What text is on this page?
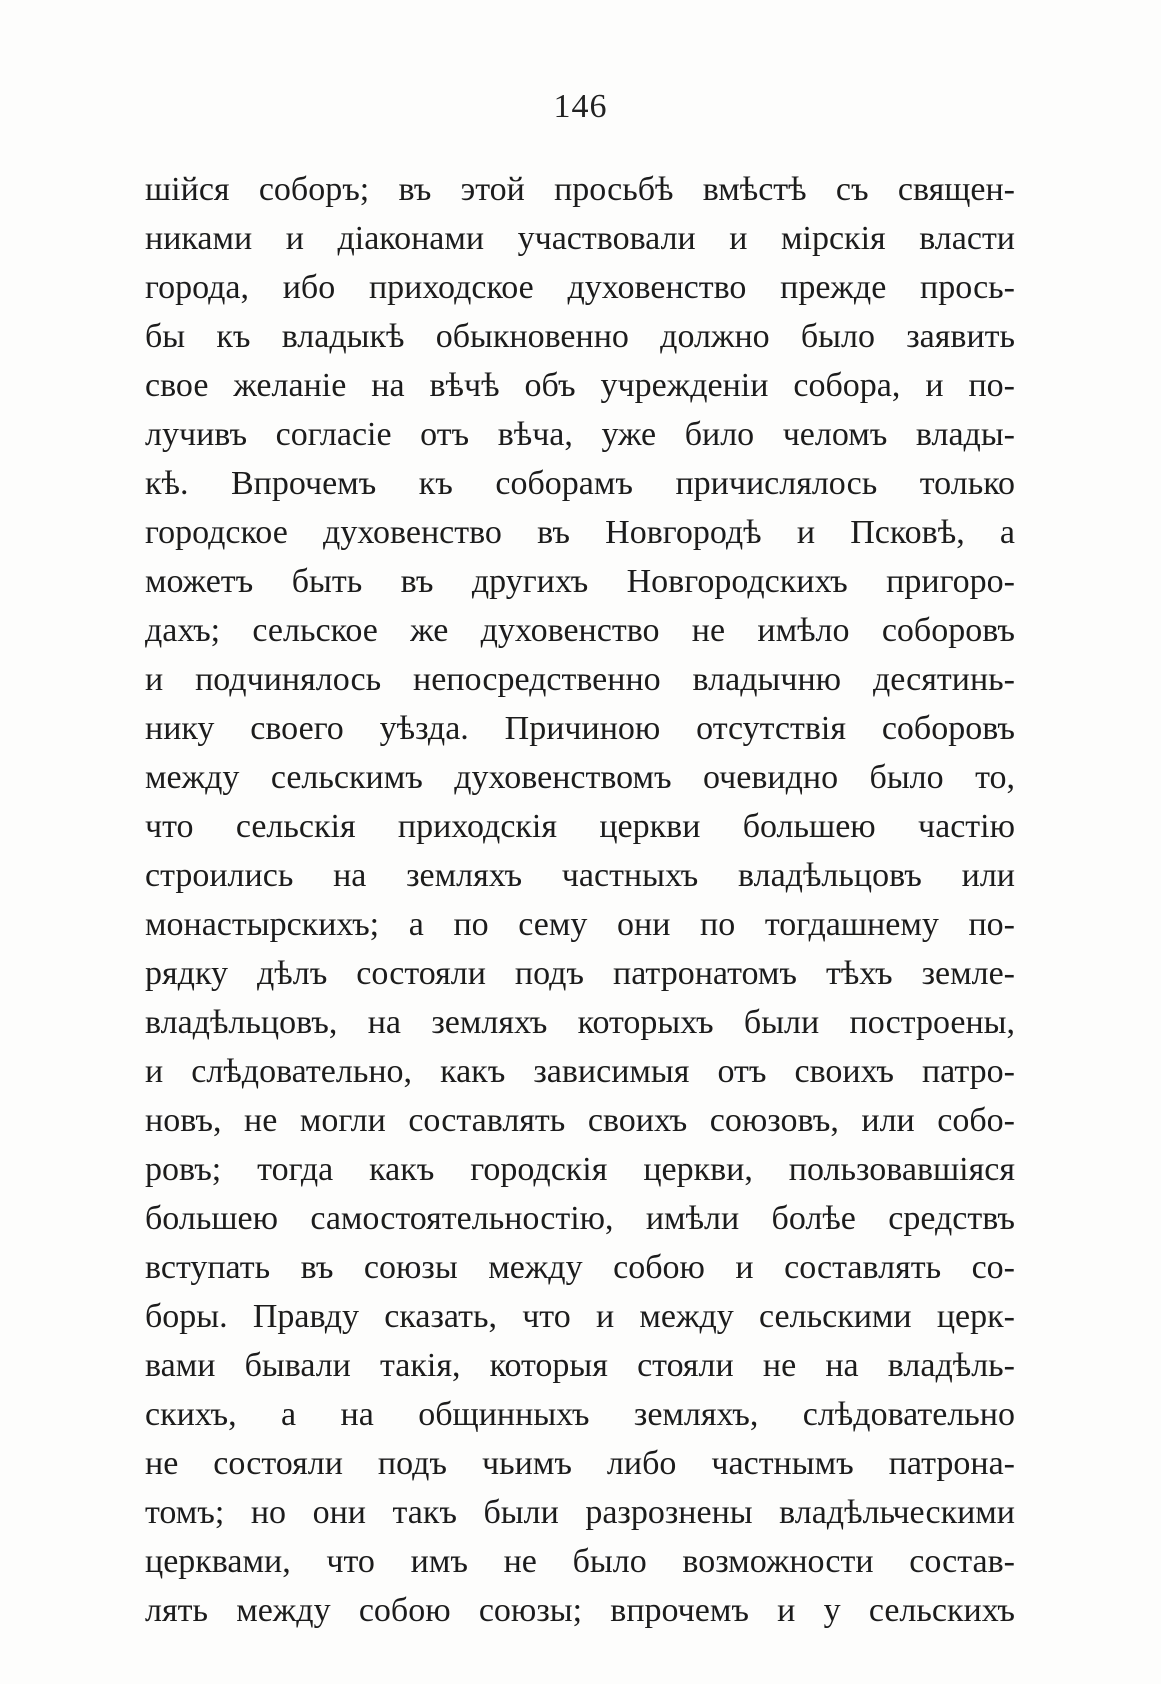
146
шійся соборъ; въ этой просьбѣ вмѣстѣ съ священ-
никами и діаконами участвовали и мірскія власти
города, ибо приходское духовенство прежде прось-
бы къ владыкѣ обыкновенно должно было заявить
свое желаніе на вѣчѣ объ учрежденіи собора, и по-
лучивъ согласіе отъ вѣча, уже било челомъ влады-
кѣ. Впрочемъ къ соборамъ причислялось только
городское духовенство въ Новгородѣ и Псковѣ, а
можетъ быть въ другихъ Новгородскихъ пригоро-
дахъ; сельское же духовенство не имѣло соборовъ
и подчинялось непосредственно владычню десятинь-
нику своего уѣзда. Причиною отсутствія соборовъ
между сельскимъ духовенствомъ очевидно было то,
что сельскія приходскія церкви большею частію
строились на земляхъ частныхъ владѣльцовъ или
монастырскихъ; а по сему они по тогдашнему по-
рядку дѣлъ состояли подъ патронатомъ тѣхъ земле-
владѣльцовъ, на земляхъ которыхъ были построены,
и слѣдовательно, какъ зависимыя отъ своихъ патро-
новъ, не могли составлять своихъ союзовъ, или собо-
ровъ; тогда какъ городскія церкви, пользовавшіяся
большею самостоятельностію, имѣли болѣе средствъ
вступать въ союзы между собою и составлять со-
боры. Правду сказать, что и между сельскими церк-
вами бывали такія, которыя стояли не на владѣль-
скихъ, а на общинныхъ земляхъ, слѣдовательно
не состояли подъ чьимъ либо частнымъ патрона-
томъ; но они такъ были разрознены владѣльческими
церквами, что имъ не было возможности состав-
лять между собою союзы; впрочемъ и у сельскихъ
